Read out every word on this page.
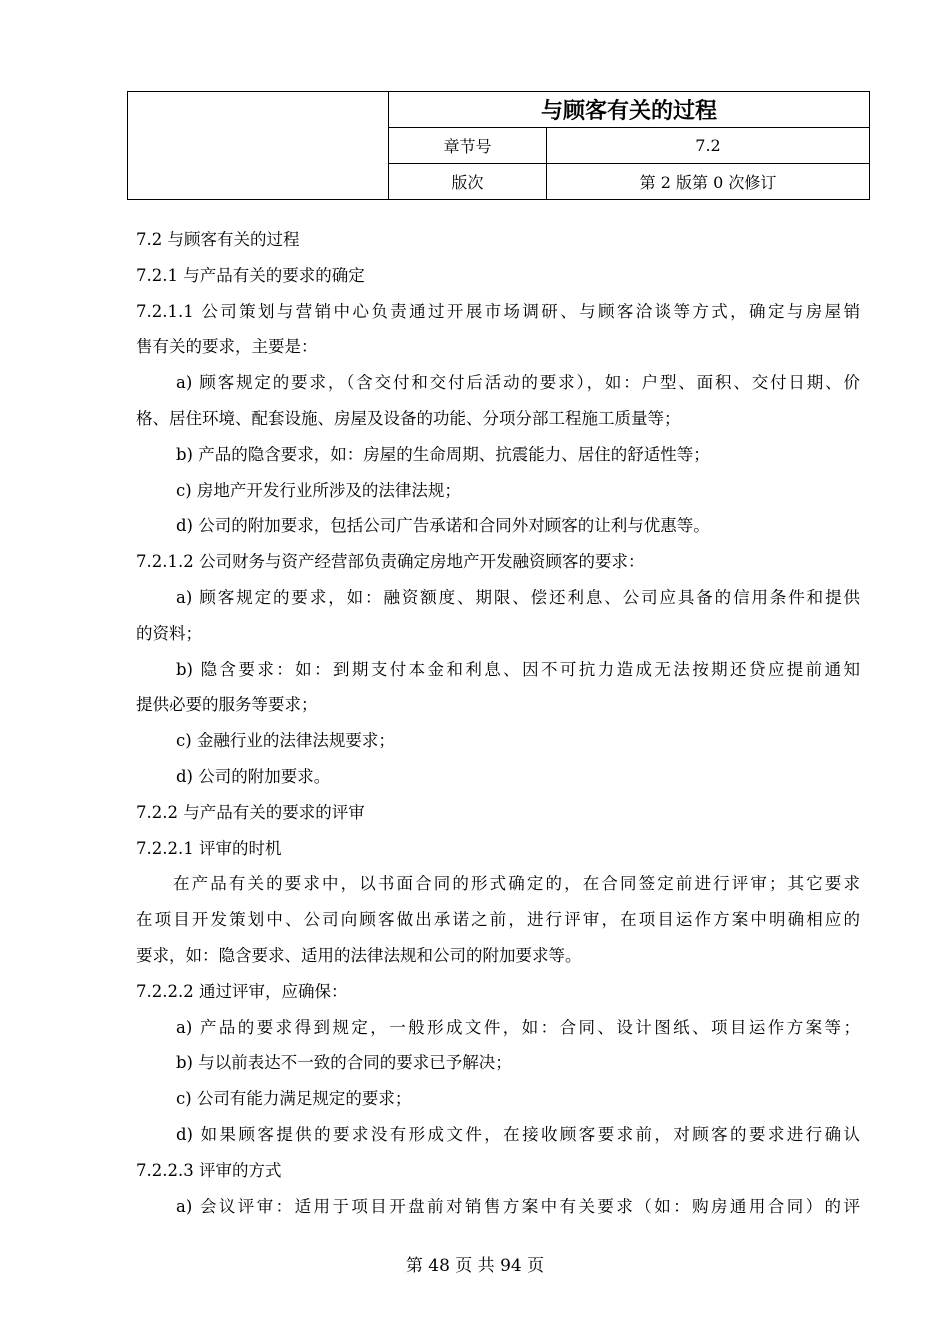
	与顾客有关的过程	
	章节号	7.2
	版次	第 2 版第 0 次修订
7.2 与顾客有关的过程
7.2.1 与产品有关的要求的确定
7.2.1.1 公司策划与营销中心负责通过开展市场调研、与顾客洽谈等方式，确定与房屋销
售有关的要求，主要是：
a) 顾客规定的要求，（含交付和交付后活动的要求），如：户型、面积、交付日期、价
格、居住环境、配套设施、房屋及设备的功能、分项分部工程施工质量等；
b) 产品的隐含要求，如：房屋的生命周期、抗震能力、居住的舒适性等；
c) 房地产开发行业所涉及的法律法规；
d) 公司的附加要求，包括公司广告承诺和合同外对顾客的让利与优惠等。
7.2.1.2 公司财务与资产经营部负责确定房地产开发融资顾客的要求：
a) 顾客规定的要求，如：融资额度、期限、偿还利息、公司应具备的信用条件和提供
的资料；
b) 隐含要求：如：到期支付本金和利息、因不可抗力造成无法按期还贷应提前通知
提供必要的服务等要求；
c) 金融行业的法律法规要求；
d) 公司的附加要求。
7.2.2 与产品有关的要求的评审
7.2.2.1 评审的时机
在产品有关的要求中，以书面合同的形式确定的，在合同签定前进行评审；其它要求
在项目开发策划中、公司向顾客做出承诺之前，进行评审，在项目运作方案中明确相应的
要求，如：隐含要求、适用的法律法规和公司的附加要求等。
7.2.2.2 通过评审，应确保：
a) 产品的要求得到规定，一般形成文件，如：合同、设计图纸、项目运作方案等；
b) 与以前表达不一致的合同的要求已予解决；
c) 公司有能力满足规定的要求；
d) 如果顾客提供的要求没有形成文件，在接收顾客要求前，对顾客的要求进行确认
7.2.2.3 评审的方式
a) 会议评审：适用于项目开盘前对销售方案中有关要求（如：购房通用合同）的评
第 48 页 共 94 页
